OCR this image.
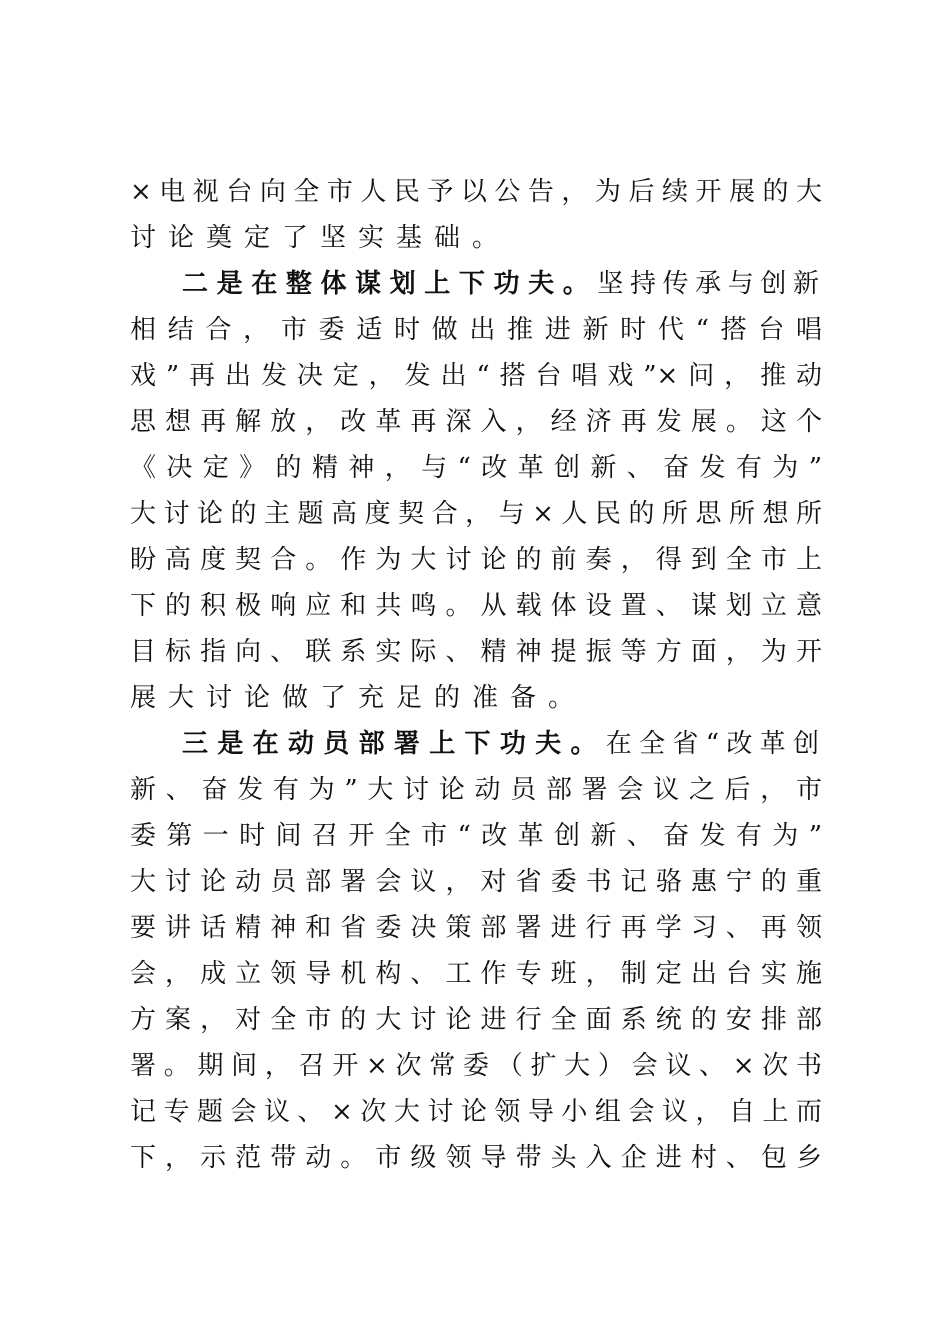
×电视台向全市人民予以公告，为后续开展的大
讨论奠定了坚实基础。
二是在整体谋划上下功夫。坚持传承与创新
相结合，市委适时做出推进新时代“搭台唱
戏”再出发决定，发出“搭台唱戏”×问，推动
思想再解放，改革再深入，经济再发展。这个
《决定》的精神，与“改革创新、奋发有为”
大讨论的主题高度契合，与×人民的所思所想所
盼高度契合。作为大讨论的前奏，得到全市上
下的积极响应和共鸣。从载体设置、谋划立意
目标指向、联系实际、精神提振等方面，为开
展大讨论做了充足的准备。
三是在动员部署上下功夫。在全省“改革创
新、奋发有为”大讨论动员部署会议之后，市
委第一时间召开全市“改革创新、奋发有为”
大讨论动员部署会议，对省委书记骆惠宁的重
要讲话精神和省委决策部署进行再学习、再领
会，成立领导机构、工作专班，制定出台实施
方案，对全市的大讨论进行全面系统的安排部
署。期间，召开×次常委（扩大）会议、×次书
记专题会议、×次大讨论领导小组会议，自上而
下，示范带动。市级领导带头入企进村、包乡
